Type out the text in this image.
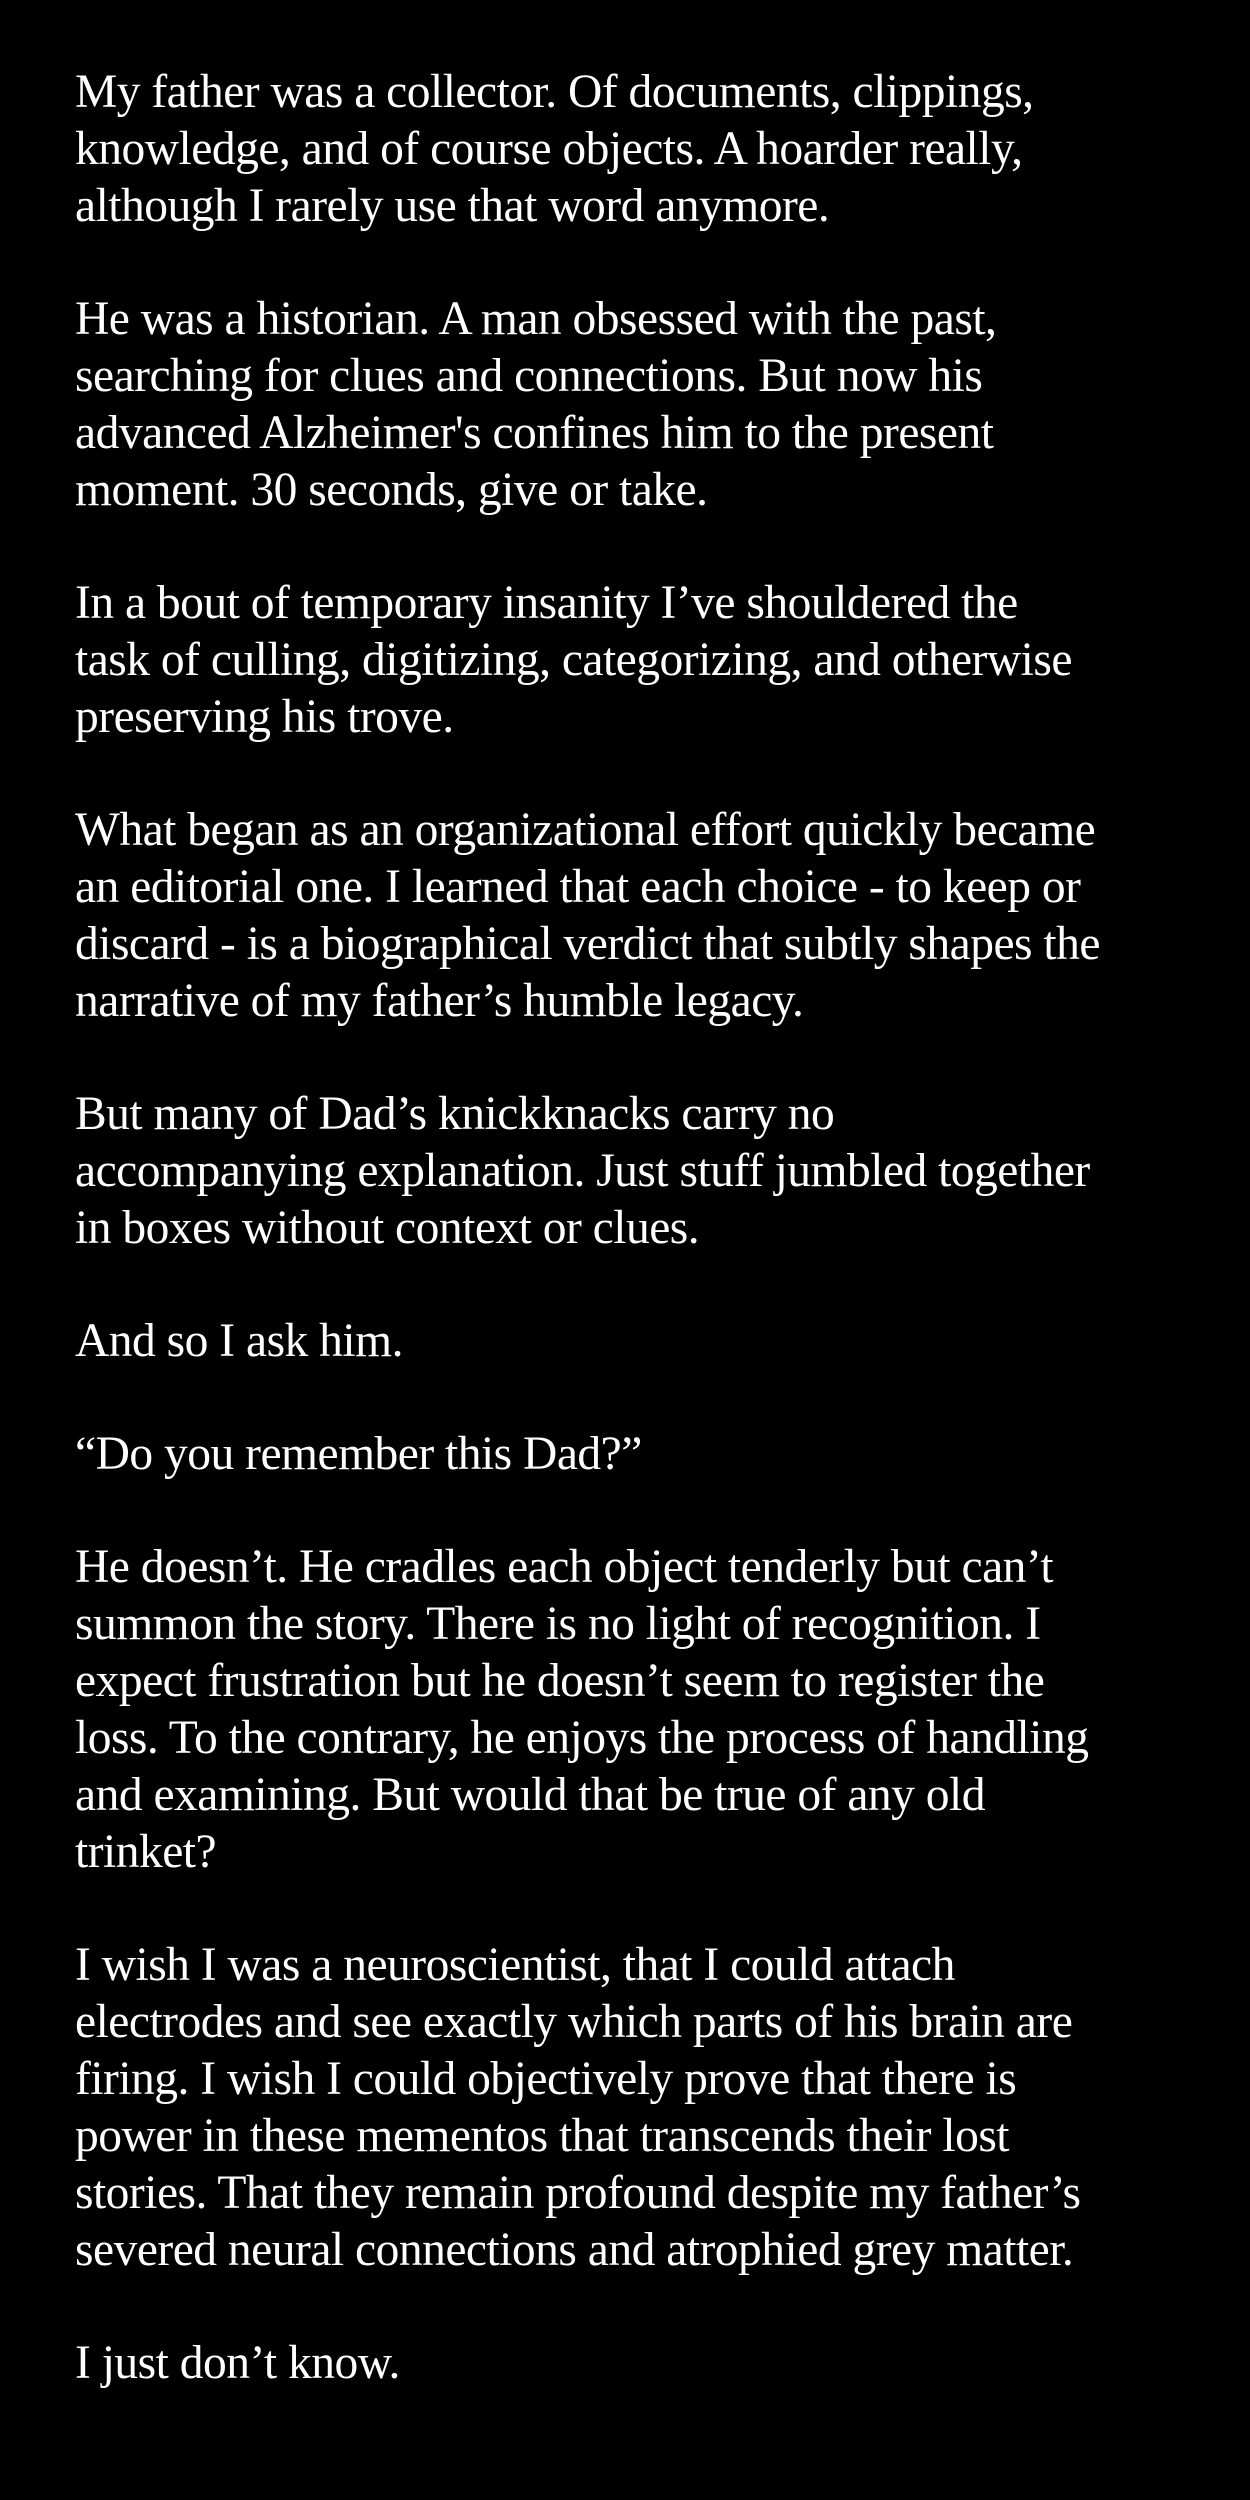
My father was a collector. Of documents, clippings,
knowledge, and of course objects. A hoarder really,
although I rarely use that word anymore.

He was a historian. A man obsessed with the past,
searching for clues and connections. But now his
advanced Alzheimer's confines him to the present
moment. 30 seconds, give or take.

In a bout of temporary insanity I’ve shouldered the
task of culling, digitizing, categorizing, and otherwise
preserving his trove.

What began as an organizational effort quickly became
an editorial one. I learned that each choice - to keep or
discard - is a biographical verdict that subtly shapes the
narrative of my father’s humble legacy.

But many of Dad’s knickknacks carry no
accompanying explanation. Just stuff jumbled together
in boxes without context or clues.

And so I ask him.

“Do you remember this Dad?”

He doesn’t. He cradles each object tenderly but can’t
summon the story. There is no light of recognition. I
expect frustration but he doesn’t seem to register the
loss. To the contrary, he enjoys the process of handling
and examining. But would that be true of any old
trinket?

I wish I was a neuroscientist, that I could attach
electrodes and see exactly which parts of his brain are
firing. I wish I could objectively prove that there is
power in these mementos that transcends their lost
stories. That they remain profound despite my father’s
severed neural connections and atrophied grey matter.

I just don’t know.
